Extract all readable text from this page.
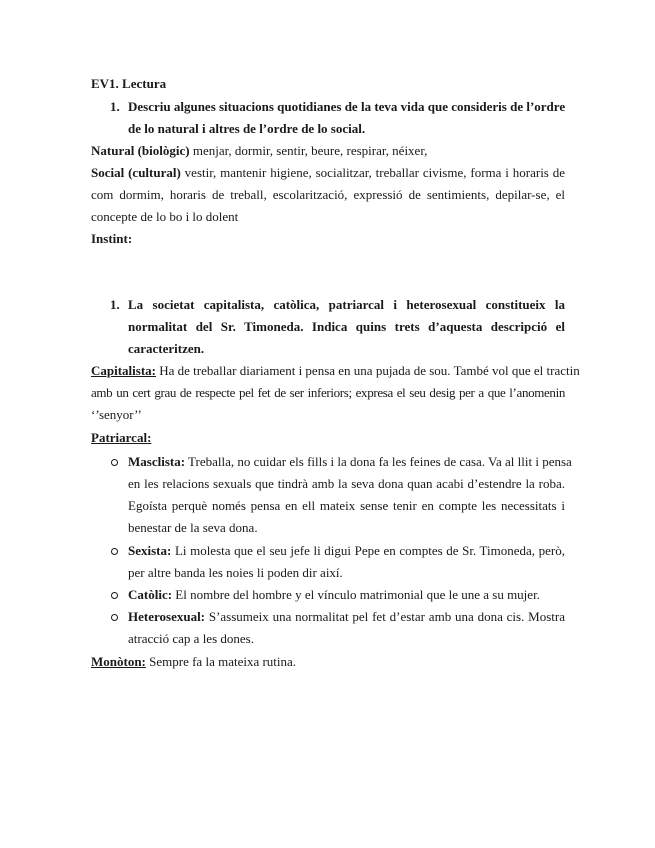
EV1. Lectura
1. Descriu algunes situacions quotidianes de la teva vida que consideris de l’ordre
de lo natural i altres de l’ordre de lo social.
Natural (biològic) menjar, dormir, sentir, beure, respirar, néixer,
Social (cultural) vestir, mantenir higiene, socialitzar, treballar civisme, forma i horaris de
com dormim, horaris de treball, escolarització, expressió de sentimients, depilar-se, el
concepte de lo bo i lo dolent
Instint:
1. La societat capitalista, catòlica, patriarcal i heterosexual constitueix la
normalitat del Sr. Timoneda. Indica quins trets d’aquesta descripció el
caracteritzen.
Capitalista: Ha de treballar diariament i pensa en una pujada de sou. També vol que el tractin
amb un cert grau de respecte pel fet de ser inferiors; expresa el seu desig per a que l’anomenin
‘’senyor’’
Patriarcal:
Masclista: Treballa, no cuidar els fills i la dona fa les feines de casa. Va al llit i pensa
en les relacions sexuals que tindrà amb la seva dona quan acabi d’estendre la roba.
Egoísta perquè només pensa en ell mateix sense tenir en compte les necessitats i
benestar de la seva dona.
Sexista: Li molesta que el seu jefe li digui Pepe en comptes de Sr. Timoneda, però,
per altre banda les noies li poden dir així.
Catòlic: El nombre del hombre y el vínculo matrimonial que le une a su mujer.
Heterosexual: S’assumeix una normalitat pel fet d’estar amb una dona cis. Mostra
atracció cap a les dones.
Monòton: Sempre fa la mateixa rutina.
